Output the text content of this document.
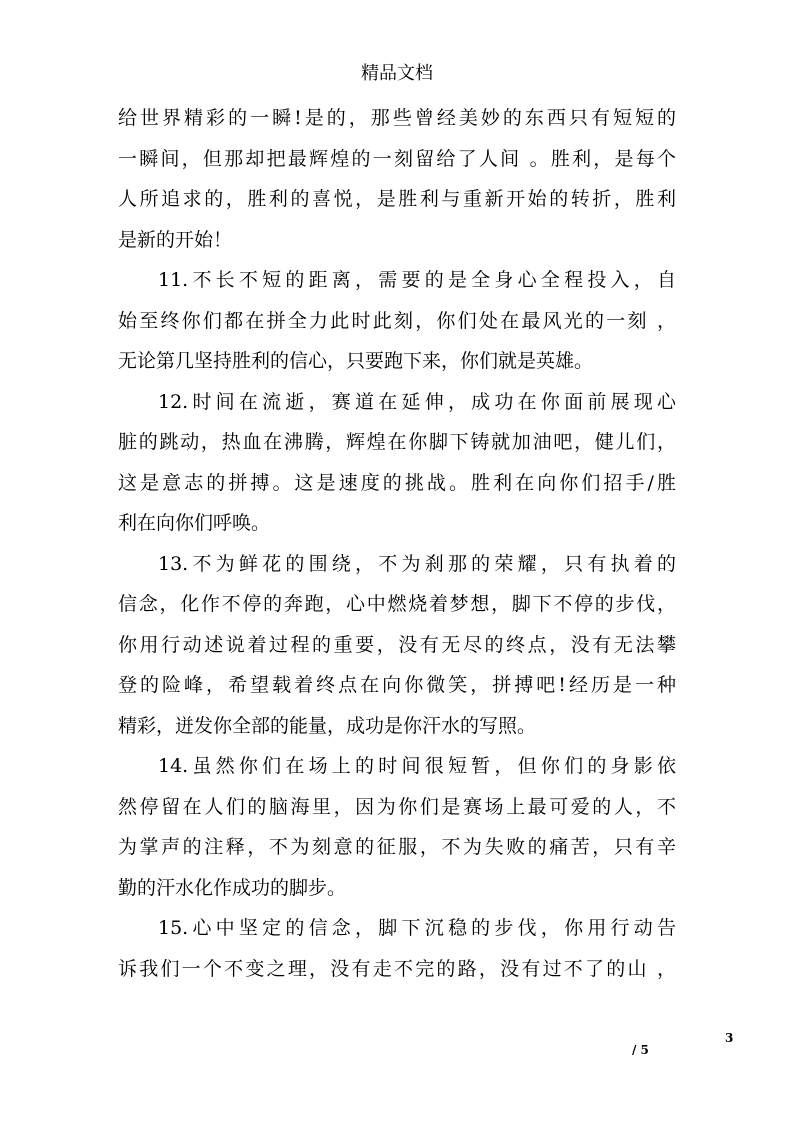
精品文档
给世界精彩的一瞬!是的，那些曾经美妙的东西只有短短的
一瞬间，但那却把最辉煌的一刻留给了人间 。胜利，是每个
人所追求的，胜利的喜悦，是胜利与重新开始的转折，胜利
是新的开始！
11.不长不短的距离，需要的是全身心全程投入，自
始至终你们都在拼全力此时此刻，你们处在最风光的一刻 ，
无论第几坚持胜利的信心，只要跑下来，你们就是英雄。
12.时间在流逝，赛道在延伸，成功在你面前展现心
脏的跳动，热血在沸腾，辉煌在你脚下铸就加油吧，健儿们，
这是意志的拼搏。这是速度的挑战。胜利在向你们招手/胜
利在向你们呼唤。
13.不为鲜花的围绕，不为刹那的荣耀，只有执着的
信念，化作不停的奔跑，心中燃烧着梦想，脚下不停的步伐，
你用行动述说着过程的重要，没有无尽的终点，没有无法攀
登的险峰，希望载着终点在向你微笑，拼搏吧!经历是一种
精彩，迸发你全部的能量，成功是你汗水的写照。
14.虽然你们在场上的时间很短暂，但你们的身影依
然停留在人们的脑海里，因为你们是赛场上最可爱的人，不
为掌声的注释，不为刻意的征服，不为失败的痛苦，只有辛
勤的汗水化作成功的脚步。
15.心中坚定的信念，脚下沉稳的步伐，你用行动告
诉我们一个不变之理，没有走不完的路，没有过不了的山 ，
3
/ 5
